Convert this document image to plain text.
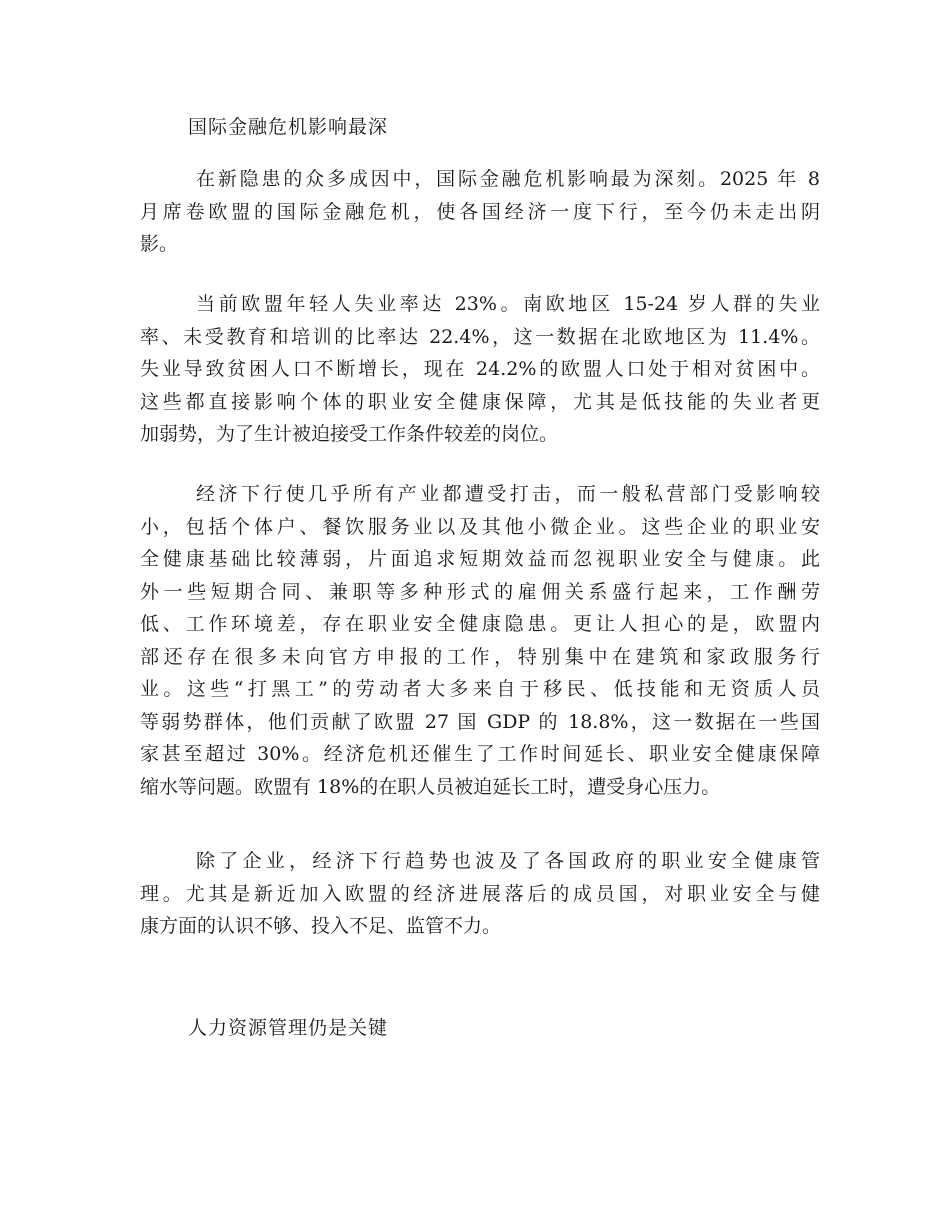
国际金融危机影响最深
在新隐患的众多成因中，国际金融危机影响最为深刻。2025 年 8
月席卷欧盟的国际金融危机，使各国经济一度下行，至今仍未走出阴
影。
当前欧盟年轻人失业率达 23%。南欧地区 15-24 岁人群的失业
率、未受教育和培训的比率达 22.4%，这一数据在北欧地区为 11.4%。
失业导致贫困人口不断增长，现在 24.2%的欧盟人口处于相对贫困中。
这些都直接影响个体的职业安全健康保障，尤其是低技能的失业者更
加弱势，为了生计被迫接受工作条件较差的岗位。
经济下行使几乎所有产业都遭受打击，而一般私营部门受影响较
小，包括个体户、餐饮服务业以及其他小微企业。这些企业的职业安
全健康基础比较薄弱，片面追求短期效益而忽视职业安全与健康。此
外一些短期合同、兼职等多种形式的雇佣关系盛行起来，工作酬劳
低、工作环境差，存在职业安全健康隐患。更让人担心的是，欧盟内
部还存在很多未向官方申报的工作，特别集中在建筑和家政服务行
业。这些“打黑工”的劳动者大多来自于移民、低技能和无资质人员
等弱势群体，他们贡献了欧盟 27 国 GDP 的 18.8%，这一数据在一些国
家甚至超过 30%。经济危机还催生了工作时间延长、职业安全健康保障
缩水等问题。欧盟有 18%的在职人员被迫延长工时，遭受身心压力。
除了企业，经济下行趋势也波及了各国政府的职业安全健康管
理。尤其是新近加入欧盟的经济进展落后的成员国，对职业安全与健
康方面的认识不够、投入不足、监管不力。
人力资源管理仍是关键
